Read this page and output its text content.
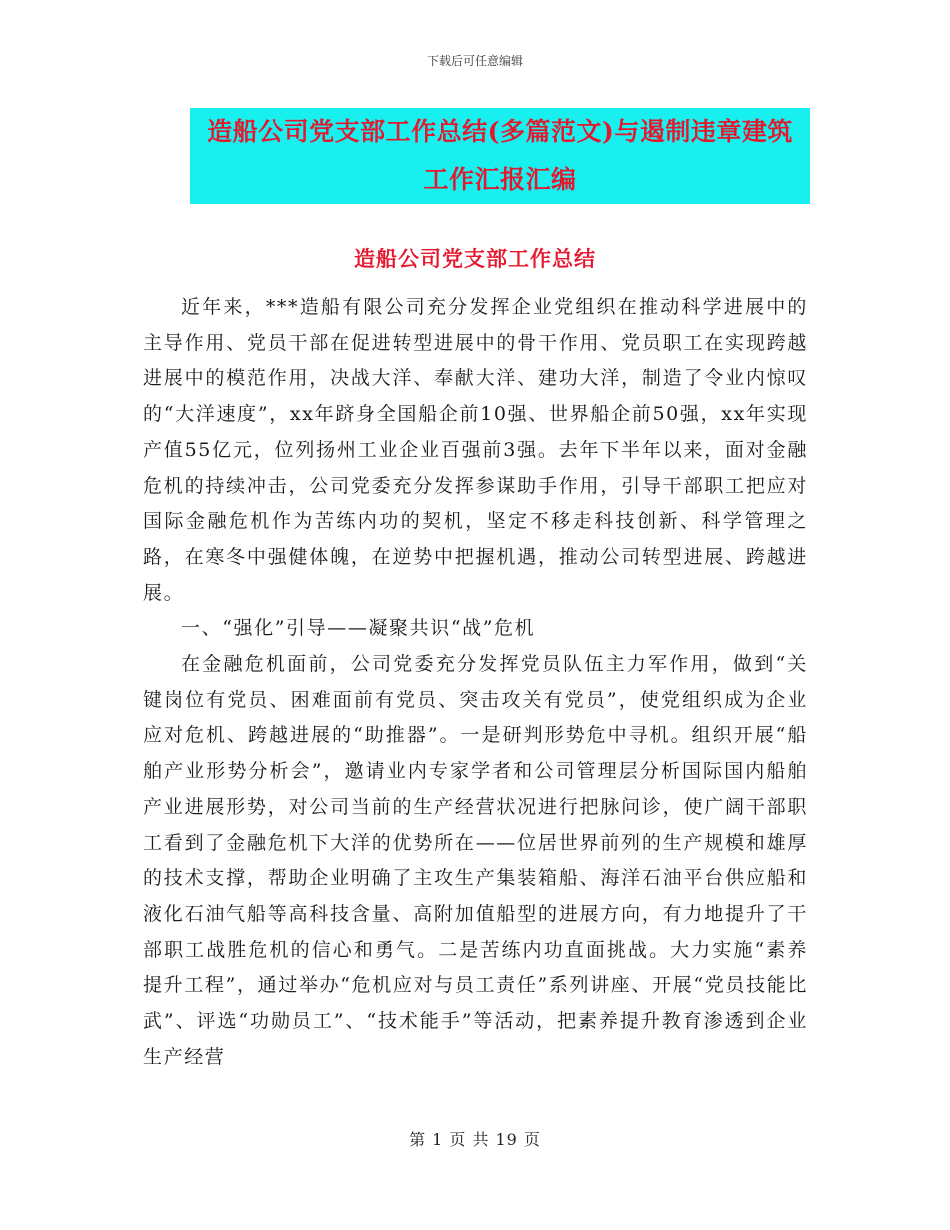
下载后可任意编辑
造船公司党支部工作总结(多篇范文)与遏制违章建筑
工作汇报汇编
造船公司党支部工作总结

近年来，***造船有限公司充分发挥企业党组织在推动科学进展中的主导作用、党员干部在促进转型进展中的骨干作用、党员职工在实现跨越进展中的模范作用，决战大洋、奉献大洋、建功大洋，制造了令业内惊叹的“大洋速度”，xx年跻身全国船企前10强、世界船企前50强，xx年实现产值55亿元，位列扬州工业企业百强前3强。去年下半年以来，面对金融危机的持续冲击，公司党委充分发挥参谋助手作用，引导干部职工把应对国际金融危机作为苦练内功的契机，坚定不移走科技创新、科学管理之路，在寒冬中强健体魄，在逆势中把握机遇，推动公司转型进展、跨越进展。

一、“强化”引导——凝聚共识“战”危机

在金融危机面前，公司党委充分发挥党员队伍主力军作用，做到“关键岗位有党员、困难面前有党员、突击攻关有党员”，使党组织成为企业应对危机、跨越进展的“助推器”。一是研判形势危中寻机。组织开展“船舶产业形势分析会”，邀请业内专家学者和公司管理层分析国际国内船舶产业进展形势，对公司当前的生产经营状况进行把脉问诊，使广阔干部职工看到了金融危机下大洋的优势所在——位居世界前列的生产规模和雄厚的技术支撑，帮助企业明确了主攻生产集装箱船、海洋石油平台供应船和液化石油气船等高科技含量、高附加值船型的进展方向，有力地提升了干部职工战胜危机的信心和勇气。二是苦练内功直面挑战。大力实施“素养提升工程”，通过举办“危机应对与员工责任”系列讲座、开展“党员技能比武”、评选“功勋员工”、“技术能手”等活动，把素养提升教育渗透到企业生产经营

第 1 页 共 19 页
